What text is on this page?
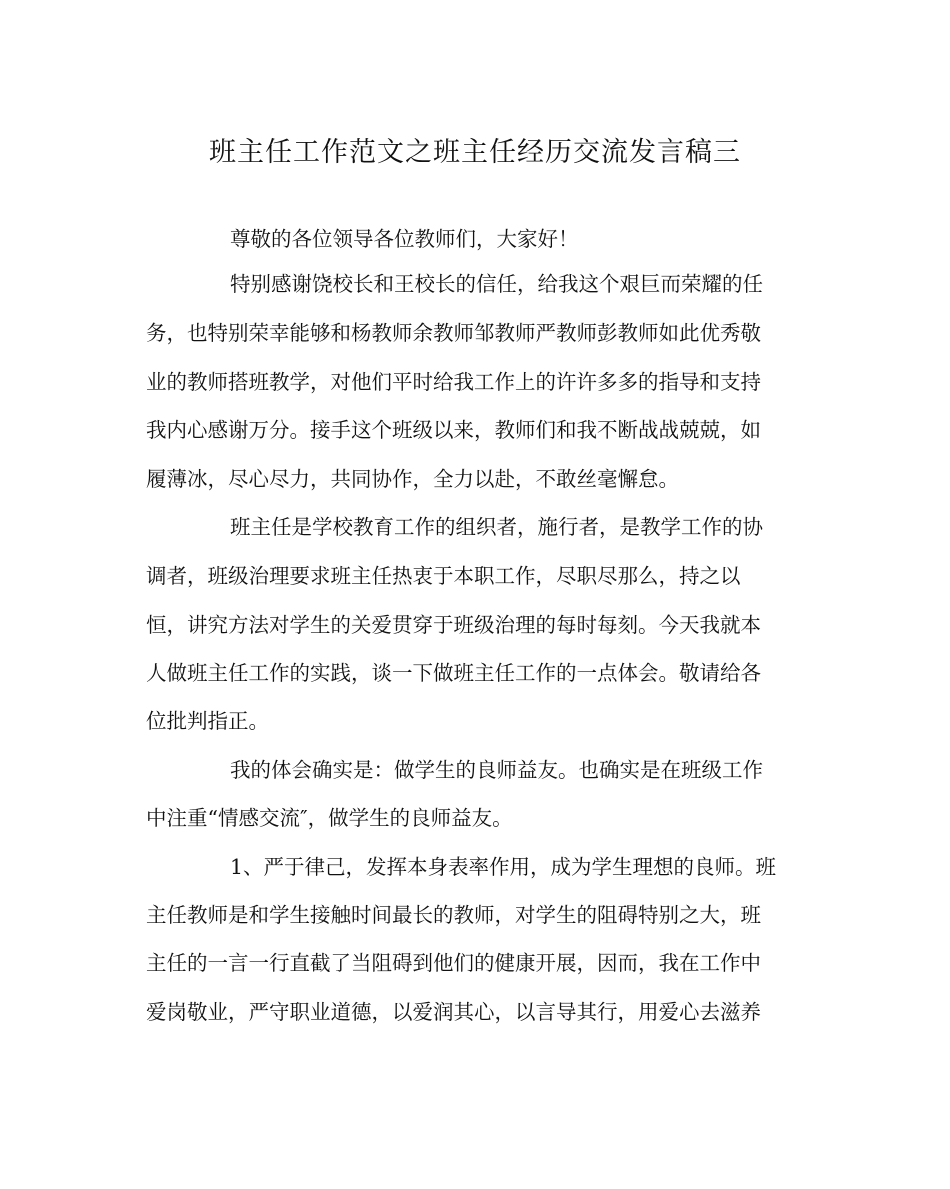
班主任工作范文之班主任经历交流发言稿三

尊敬的各位领导各位教师们，大家好！

特别感谢饶校长和王校长的信任，给我这个艰巨而荣耀的任

务，也特别荣幸能够和杨教师余教师邹教师严教师彭教师如此优秀敬

业的教师搭班教学，对他们平时给我工作上的许许多多的指导和支持

我内心感谢万分。接手这个班级以来，教师们和我不断战战兢兢，如

履薄冰，尽心尽力，共同协作，全力以赴，不敢丝毫懈怠。

班主任是学校教育工作的组织者，施行者，是教学工作的协

调者，班级治理要求班主任热衷于本职工作，尽职尽那么，持之以

恒，讲究方法对学生的关爱贯穿于班级治理的每时每刻。今天我就本

人做班主任工作的实践，谈一下做班主任工作的一点体会。敬请给各

位批判指正。

我的体会确实是：做学生的良师益友。也确实是在班级工作

中注重“情感交流″，做学生的良师益友。

1、严于律己，发挥本身表率作用，成为学生理想的良师。班

主任教师是和学生接触时间最长的教师，对学生的阻碍特别之大，班

主任的一言一行直截了当阻碍到他们的健康开展，因而，我在工作中

爱岗敬业，严守职业道德，以爱润其心，以言导其行，用爱心去滋养
